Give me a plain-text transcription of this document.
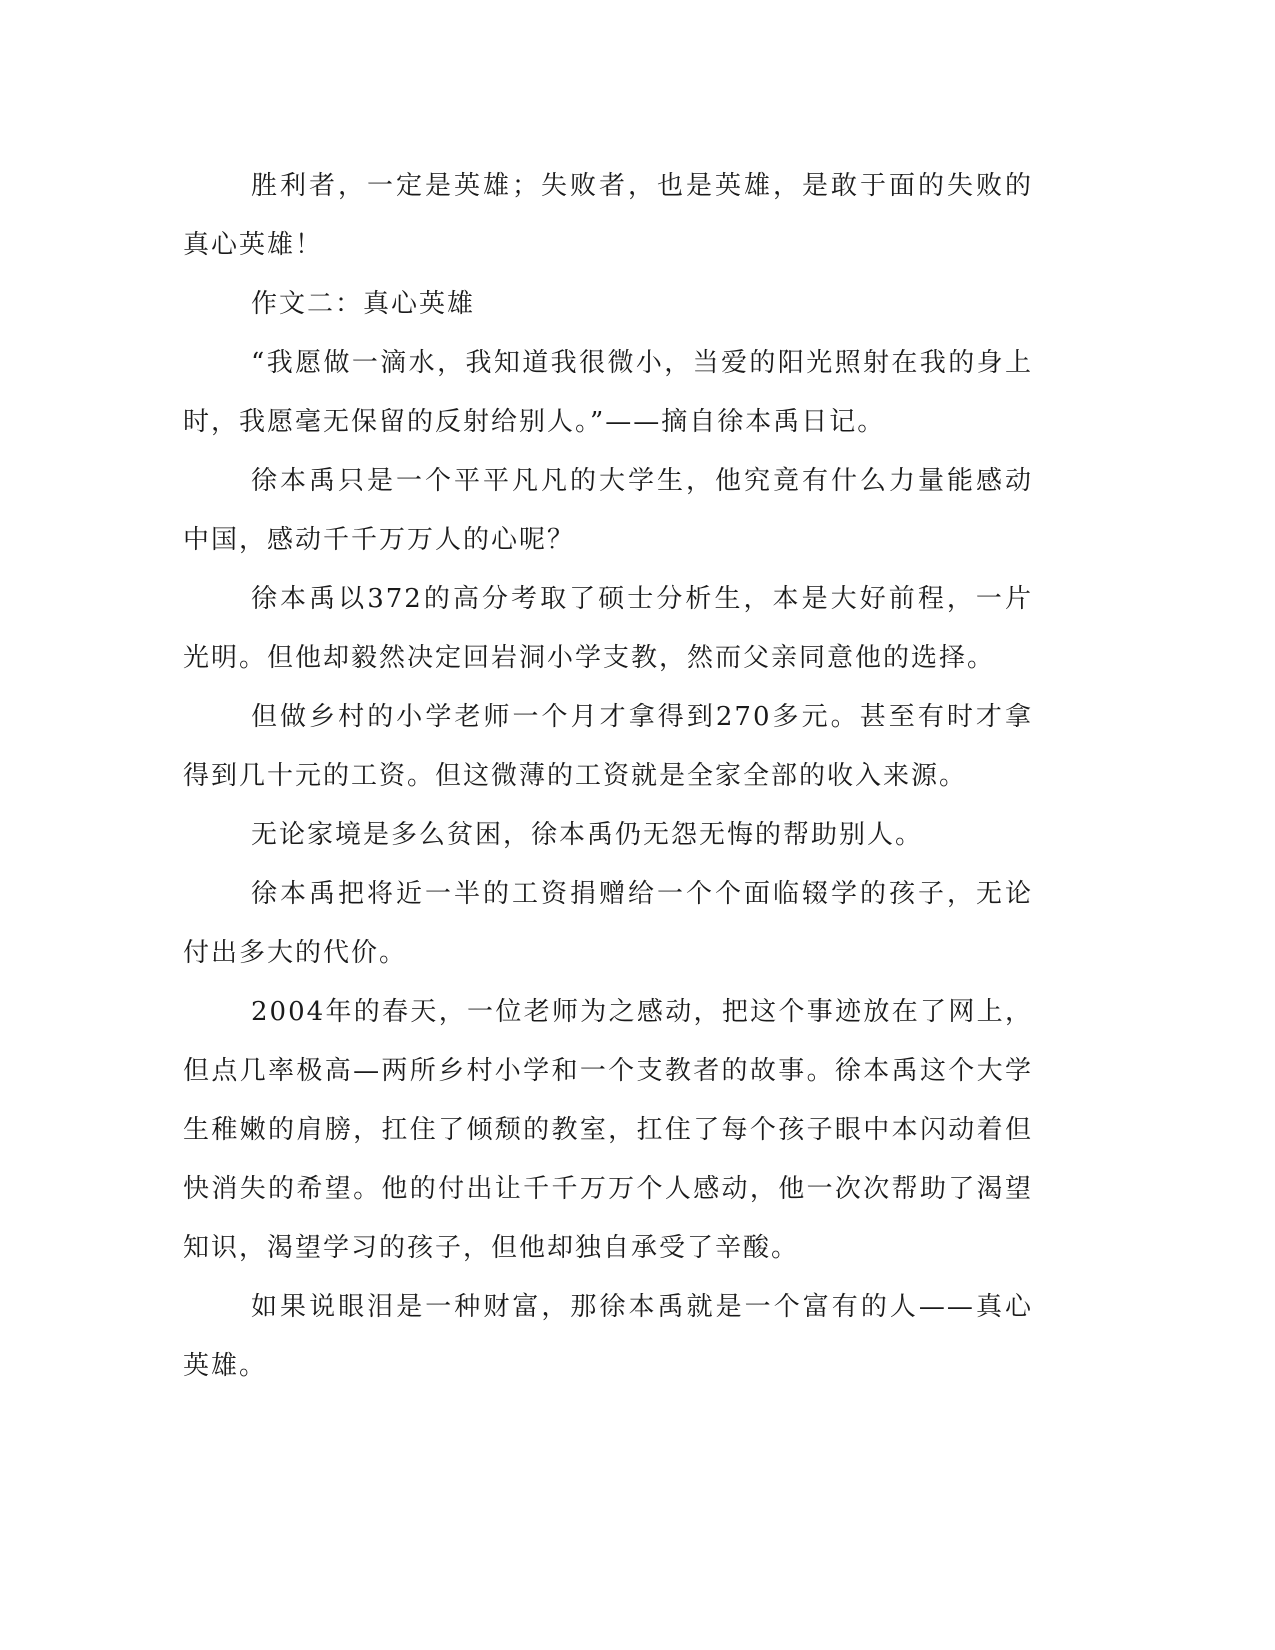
胜利者，一定是英雄；失败者，也是英雄，是敢于面的失败的真心英雄！

作文二：真心英雄

“我愿做一滴水，我知道我很微小，当爱的阳光照射在我的身上时，我愿毫无保留的反射给别人。”——摘自徐本禹日记。

徐本禹只是一个平平凡凡的大学生，他究竟有什么力量能感动中国，感动千千万万人的心呢？

徐本禹以372的高分考取了硕士分析生，本是大好前程，一片光明。但他却毅然决定回岩洞小学支教，然而父亲同意他的选择。

但做乡村的小学老师一个月才拿得到270多元。甚至有时才拿得到几十元的工资。但这微薄的工资就是全家全部的收入来源。

无论家境是多么贫困，徐本禹仍无怨无悔的帮助别人。

徐本禹把将近一半的工资捐赠给一个个面临辍学的孩子，无论付出多大的代价。

2004年的春天，一位老师为之感动，把这个事迹放在了网上，但点几率极高—两所乡村小学和一个支教者的故事。徐本禹这个大学生稚嫩的肩膀，扛住了倾颓的教室，扛住了每个孩子眼中本闪动着但快消失的希望。他的付出让千千万万个人感动，他一次次帮助了渴望知识，渴望学习的孩子，但他却独自承受了辛酸。

如果说眼泪是一种财富，那徐本禹就是一个富有的人——真心英雄。
